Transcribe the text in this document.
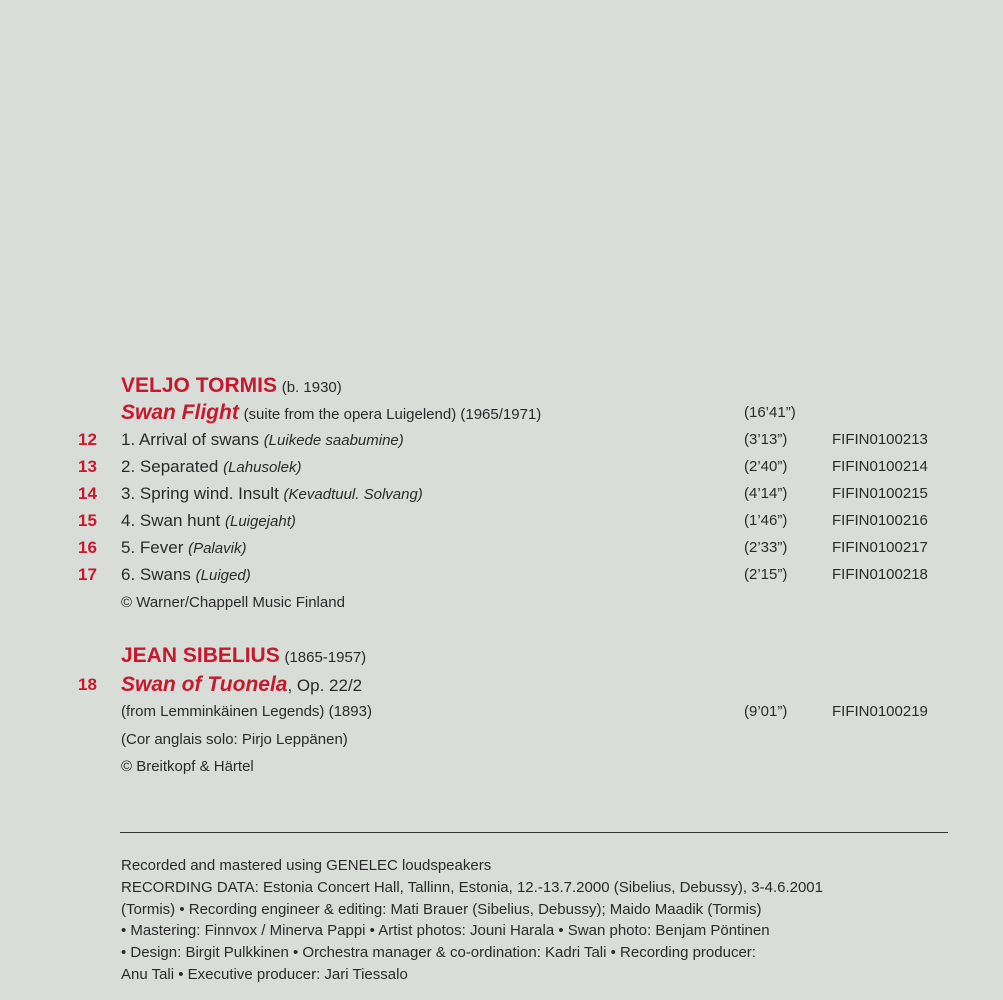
VELJO TORMIS (b. 1930)
Swan Flight (suite from the opera Luigelend) (1965/1971)	(16’41”)
12	1. Arrival of swans (Luikede saabumine)	(3’13”)	FIFIN0100213
13	2. Separated (Lahusolek)	(2’40”)	FIFIN0100214
14	3. Spring wind. Insult (Kevadtuul. Solvang)	(4’14”)	FIFIN0100215
15	4. Swan hunt (Luigejaht)	(1’46”)	FIFIN0100216
16	5. Fever (Palavik)	(2’33”)	FIFIN0100217
17	6. Swans (Luiged)	(2’15”)	FIFIN0100218
© Warner/Chappell Music Finland
JEAN SIBELIUS (1865-1957)
18	Swan of Tuonela, Op. 22/2
(from Lemminkäinen Legends) (1893)	(9’01”)	FIFIN0100219
(Cor anglais solo: Pirjo Leppänen)
© Breitkopf & Härtel
Recorded and mastered using GENELEC loudspeakers
RECORDING DATA: Estonia Concert Hall, Tallinn, Estonia, 12.-13.7.2000 (Sibelius, Debussy), 3-4.6.2001
(Tormis) • Recording engineer & editing: Mati Brauer (Sibelius, Debussy); Maido Maadik (Tormis)
• Mastering: Finnvox / Minerva Pappi • Artist photos: Jouni Harala • Swan photo: Benjam Pöntinen
• Design: Birgit Pulkkinen • Orchestra manager & co-ordination: Kadri Tali • Recording producer:
Anu Tali • Executive producer: Jari Tiessalo
